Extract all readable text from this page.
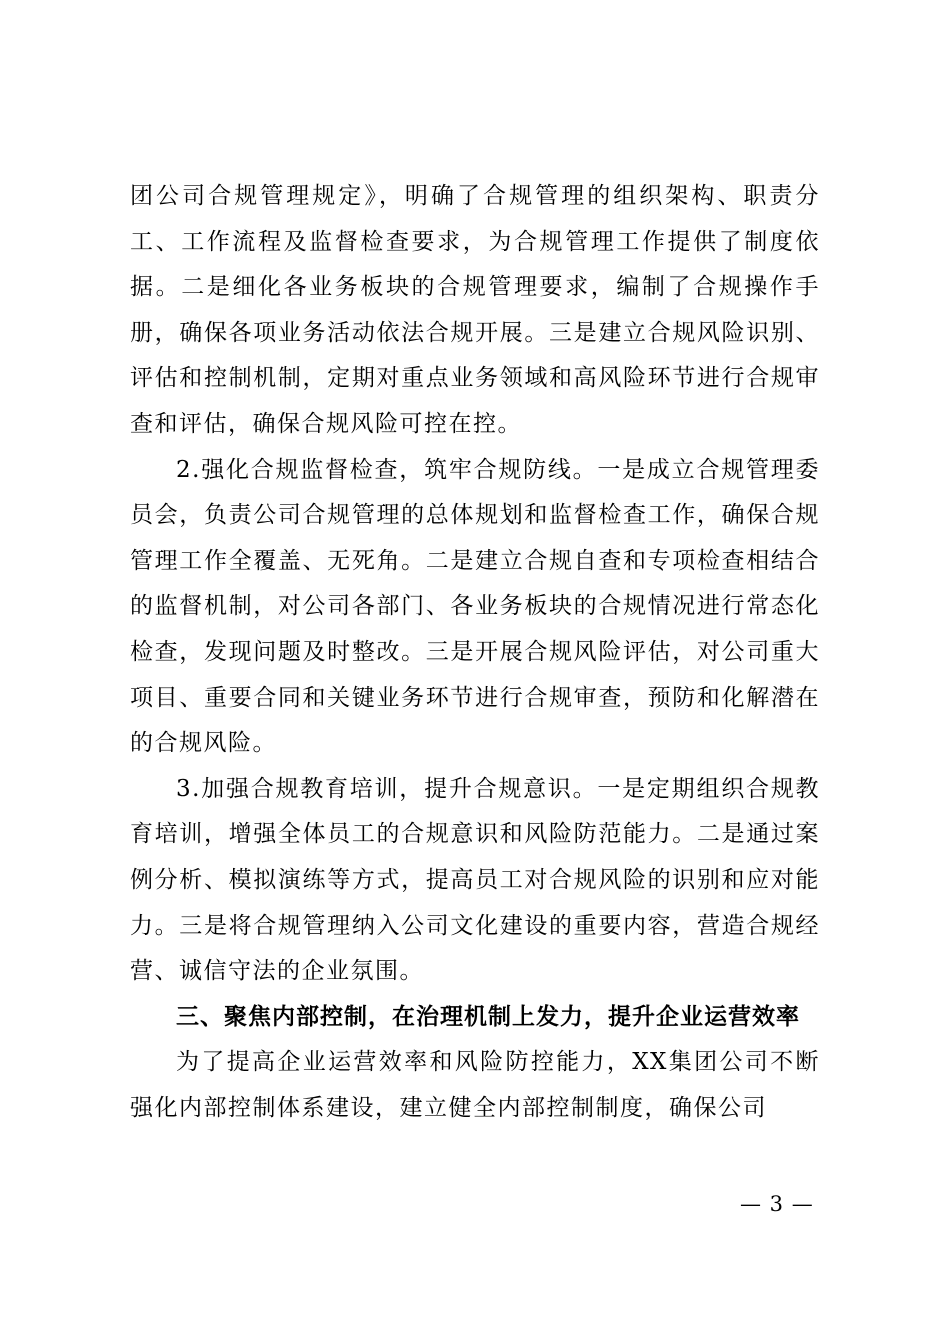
团公司合规管理规定》，明确了合规管理的组织架构、职责分工、工作流程及监督检查要求，为合规管理工作提供了制度依据。二是细化各业务板块的合规管理要求，编制了合规操作手册，确保各项业务活动依法合规开展。三是建立合规风险识别、评估和控制机制，定期对重点业务领域和高风险环节进行合规审查和评估，确保合规风险可控在控。

2.强化合规监督检查，筑牢合规防线。一是成立合规管理委员会，负责公司合规管理的总体规划和监督检查工作，确保合规管理工作全覆盖、无死角。二是建立合规自查和专项检查相结合的监督机制，对公司各部门、各业务板块的合规情况进行常态化检查，发现问题及时整改。三是开展合规风险评估，对公司重大项目、重要合同和关键业务环节进行合规审查，预防和化解潜在的合规风险。

3.加强合规教育培训，提升合规意识。一是定期组织合规教育培训，增强全体员工的合规意识和风险防范能力。二是通过案例分析、模拟演练等方式，提高员工对合规风险的识别和应对能力。三是将合规管理纳入公司文化建设的重要内容，营造合规经营、诚信守法的企业氛围。

三、聚焦内部控制，在治理机制上发力，提升企业运营效率

为了提高企业运营效率和风险防控能力，XX集团公司不断强化内部控制体系建设，建立健全内部控制制度，确保公司

— 3 —
